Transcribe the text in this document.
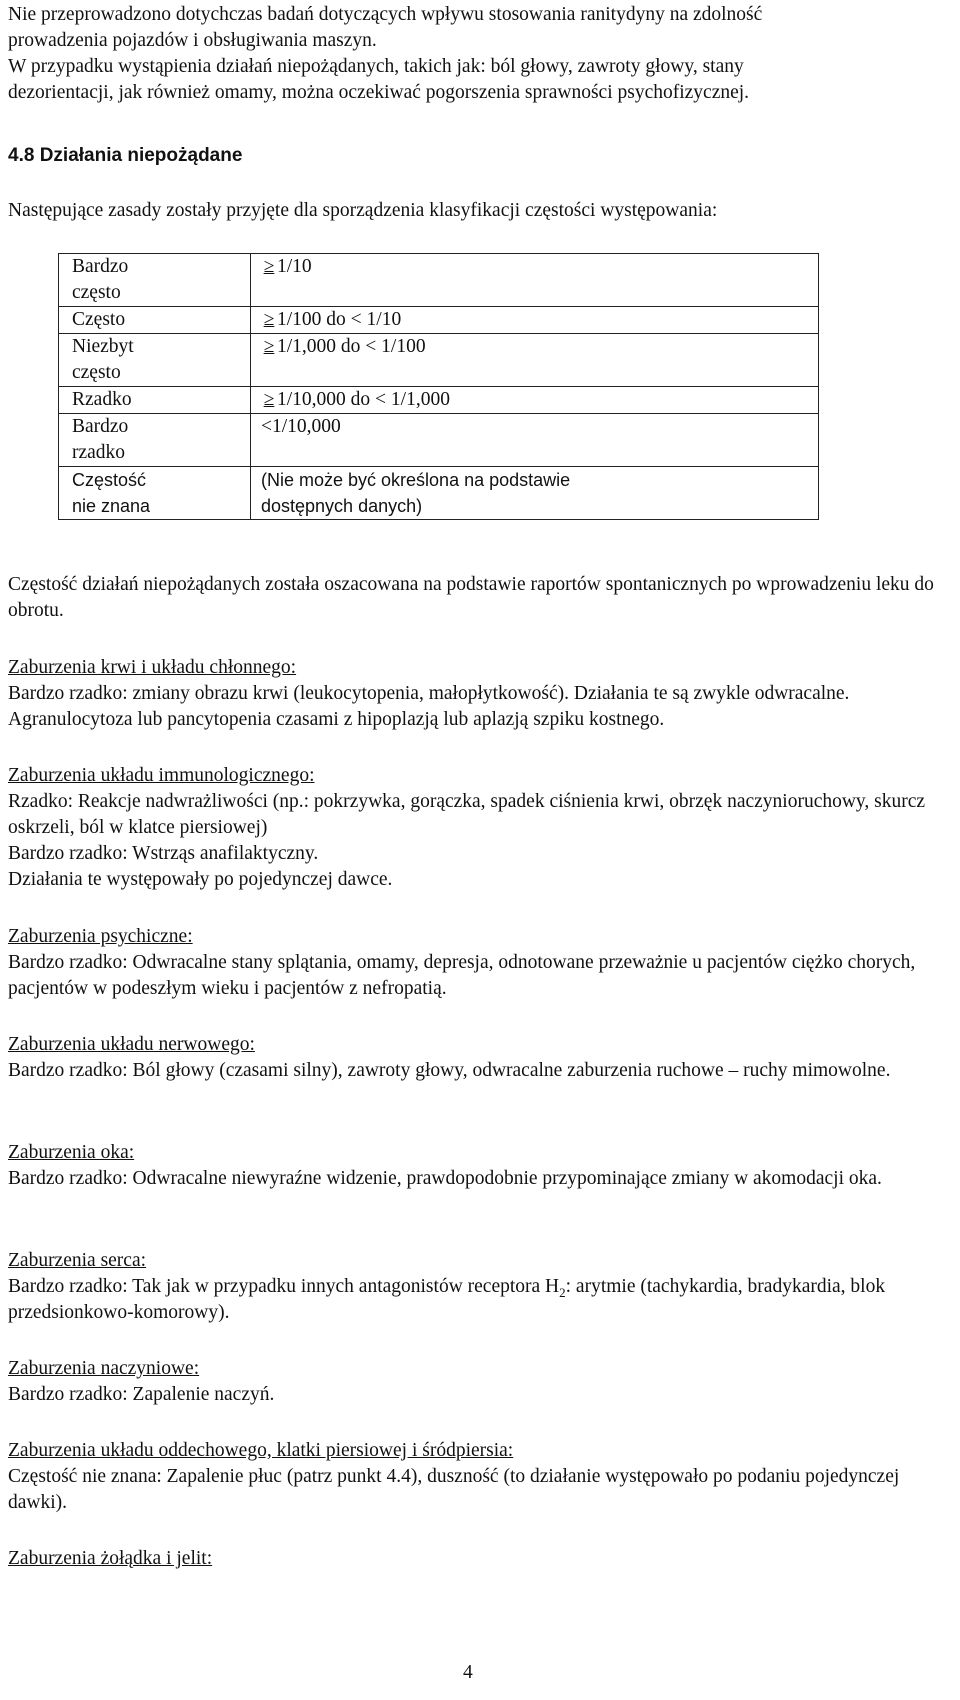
Nie przeprowadzono dotychczas badań dotyczących wpływu stosowania ranitydyny na zdolność

prowadzenia pojazdów i obsługiwania maszyn.

W przypadku wystąpienia działań niepożądanych, takich jak: ból głowy, zawroty głowy, stany

dezorientacji, jak również omamy, można oczekiwać pogorszenia sprawności psychofizycznej.

4.8 Działania niepożądane

Następujące zasady zostały przyjęte dla sporządzenia klasyfikacji częstości występowania:

Bardzo
często	≥ 1/10
Często	≥ 1/100 do < 1/10
Niezbyt
często	≥ 1/1,000 do < 1/100
Rzadko	≥ 1/10,000 do < 1/1,000
Bardzo
rzadko	<1/10,000
Częstość
nie znana	(Nie może być określona na podstawie
dostępnych danych)

Częstość działań niepożądanych została oszacowana na podstawie raportów spontanicznych po wprowadzeniu leku do obrotu.

Zaburzenia krwi i układu chłonnego:

Bardzo rzadko: zmiany obrazu krwi (leukocytopenia, małopłytkowość). Działania te są zwykle odwracalne. Agranulocytoza lub pancytopenia czasami z hipoplazją lub aplazją szpiku kostnego.

Zaburzenia układu immunologicznego:

Rzadko: Reakcje nadwrażliwości (np.: pokrzywka, gorączka, spadek ciśnienia krwi, obrzęk naczynioruchowy, skurcz oskrzeli, ból w klatce piersiowej)

Bardzo rzadko: Wstrząs anafilaktyczny.

Działania te występowały po pojedynczej dawce.

Zaburzenia psychiczne:

Bardzo rzadko: Odwracalne stany splątania, omamy, depresja, odnotowane przeważnie u pacjentów ciężko chorych, pacjentów w podeszłym wieku i pacjentów z nefropatią.

Zaburzenia układu nerwowego:

Bardzo rzadko: Ból głowy (czasami silny), zawroty głowy, odwracalne zaburzenia ruchowe – ruchy mimowolne.

Zaburzenia oka:

Bardzo rzadko: Odwracalne niewyraźne widzenie, prawdopodobnie przypominające zmiany w akomodacji oka.

Zaburzenia serca:

Bardzo rzadko: Tak jak w przypadku innych antagonistów receptora $H_2$: arytmie (tachykardia, bradykardia, blok przedsionkowo-komorowy).

Zaburzenia naczyniowe:

Bardzo rzadko: Zapalenie naczyń.

Zaburzenia układu oddechowego, klatki piersiowej i śródpiersia:

Częstość nie znana: Zapalenie płuc (patrz punkt 4.4), duszność (to działanie występowało po podaniu pojedynczej dawki).

Zaburzenia żołądka i jelit:

4
